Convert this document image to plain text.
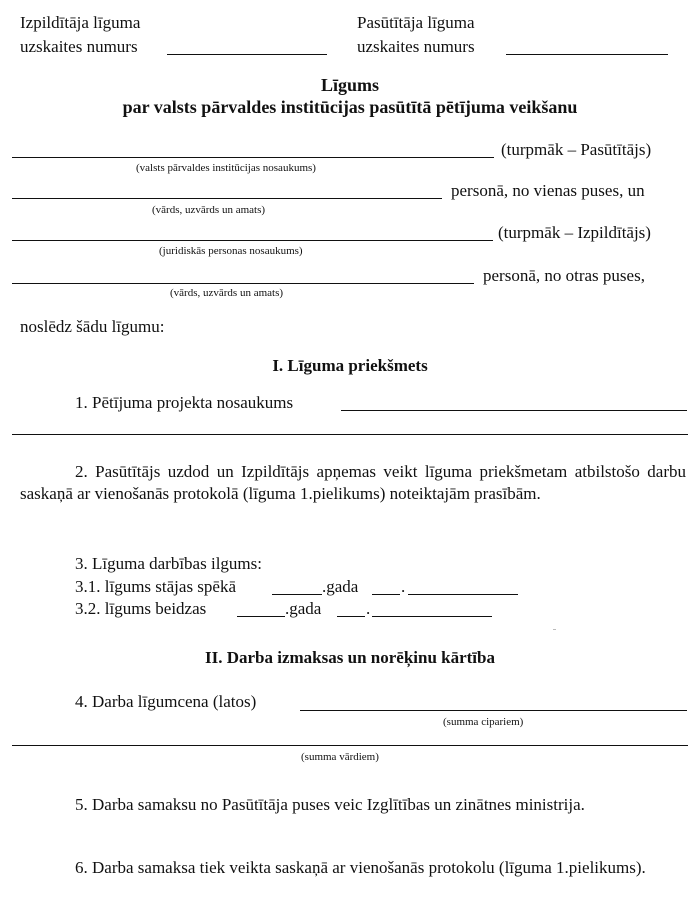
Izpildītāja līguma
uzskaites numurs
Pasūtītāja līguma
uzskaites numurs
Līgums
par valsts pārvaldes institūcijas pasūtītā pētījuma veikšanu
(turpmāk – Pasūtītājs)
(valsts pārvaldes institūcijas nosaukums)
personā, no vienas puses, un
(vārds, uzvārds un amats)
(turpmāk – Izpildītājs)
(juridiskās personas nosaukums)
personā, no otras puses,
(vārds, uzvārds un amats)
noslēdz šādu līgumu:
I. Līguma priekšmets
1. Pētījuma projekta nosaukums
2. Pasūtītājs uzdod un Izpildītājs apņemas veikt līguma priekšmetam atbilstošo darbu saskaņā ar vienošanās protokolā (līguma 1.pielikums) noteiktajām prasībām.
3. Līguma darbības ilgums:
3.1. līgums stājas spēkā	.gada	.
3.2. līgums beidzas	.gada	.
II. Darba izmaksas un norēķinu kārtība
4. Darba līgumcena (latos)
(summa cipariem)
(summa vārdiem)
5. Darba samaksu no Pasūtītāja puses veic Izglītības un zinātnes ministrija.
6. Darba samaksa tiek veikta saskaņā ar vienošanās protokolu (līguma 1.pielikums).
